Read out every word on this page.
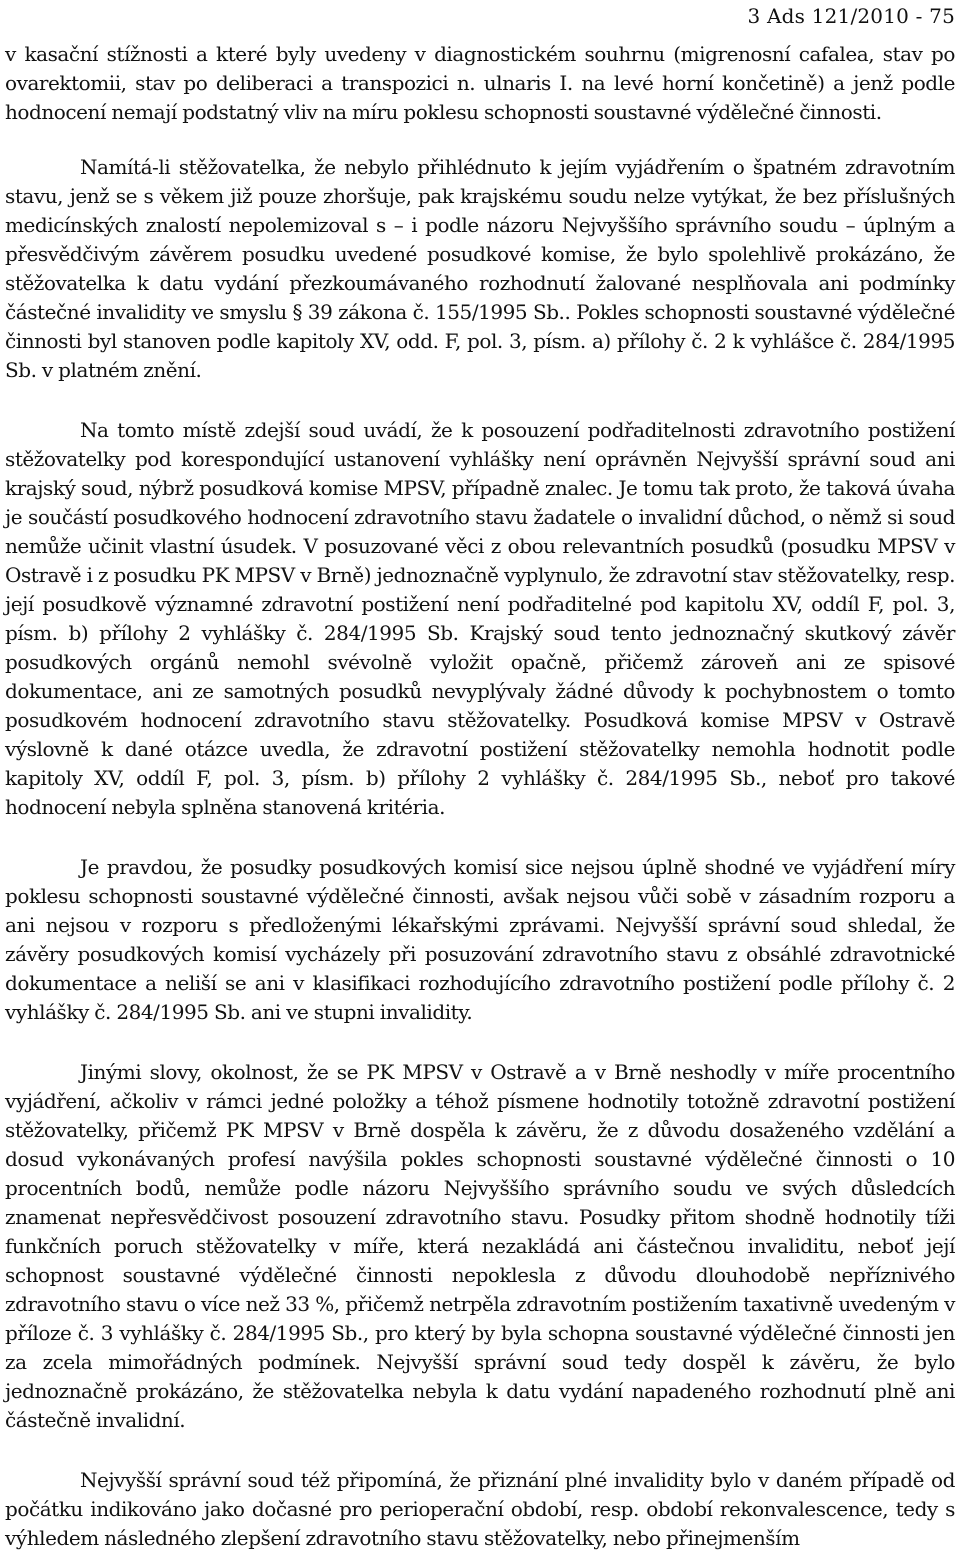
3 Ads 121/2010 - 75

v kasační stížnosti a které byly uvedeny v diagnostickém souhrnu (migrenosní cafalea, stav po ovarektomii, stav po deliberaci a transpozici n. ulnaris I. na levé horní končetině) a jenž podle hodnocení nemají podstatný vliv na míru poklesu schopnosti soustavné výdělečné činnosti.

Namítá-li stěžovatelka, že nebylo přihlédnuto k jejím vyjádřením o špatném zdravotním stavu, jenž se s věkem již pouze zhoršuje, pak krajskému soudu nelze vytýkat, že bez příslušných medicínských znalostí nepolemizoval s – i podle názoru Nejvyššího správního soudu – úplným a přesvědčivým závěrem posudku uvedené posudkové komise, že bylo spolehlivě prokázáno, že stěžovatelka k datu vydání přezkoumávaného rozhodnutí žalované nesplňovala ani podmínky částečné invalidity ve smyslu § 39 zákona č. 155/1995 Sb.. Pokles schopnosti soustavné výdělečné činnosti byl stanoven podle kapitoly XV, odd. F, pol. 3, písm. a) přílohy č. 2 k vyhlášce č. 284/1995 Sb. v platném znění.

Na tomto místě zdejší soud uvádí, že k posouzení podřaditelnosti zdravotního postižení stěžovatelky pod korespondující ustanovení vyhlášky není oprávněn Nejvyšší správní soud ani krajský soud, nýbrž posudková komise MPSV, případně znalec. Je tomu tak proto, že taková úvaha je součástí posudkového hodnocení zdravotního stavu žadatele o invalidní důchod, o němž si soud nemůže učinit vlastní úsudek. V posuzované věci z obou relevantních posudků (posudku MPSV v Ostravě i z posudku PK MPSV v Brně) jednoznačně vyplynulo, že zdravotní stav stěžovatelky, resp. její posudkově významné zdravotní postižení není podřaditelné pod kapitolu XV, oddíl F, pol. 3, písm. b) přílohy 2 vyhlášky č. 284/1995 Sb. Krajský soud tento jednoznačný skutkový závěr posudkových orgánů nemohl svévolně vyložit opačně, přičemž zároveň ani ze spisové dokumentace, ani ze samotných posudků nevyplývaly žádné důvody k pochybnostem o tomto posudkovém hodnocení zdravotního stavu stěžovatelky. Posudková komise MPSV v Ostravě výslovně k dané otázce uvedla, že zdravotní postižení stěžovatelky nemohla hodnotit podle kapitoly XV, oddíl F, pol. 3, písm. b) přílohy 2 vyhlášky č. 284/1995 Sb., neboť pro takové hodnocení nebyla splněna stanovená kritéria.

Je pravdou, že posudky posudkových komisí sice nejsou úplně shodné ve vyjádření míry poklesu schopnosti soustavné výdělečné činnosti, avšak nejsou vůči sobě v zásadním rozporu a ani nejsou v rozporu s předloženými lékařskými zprávami. Nejvyšší správní soud shledal, že závěry posudkových komisí vycházely při posuzování zdravotního stavu z obsáhlé zdravotnické dokumentace a neliší se ani v klasifikaci rozhodujícího zdravotního postižení podle přílohy č. 2 vyhlášky č. 284/1995 Sb. ani ve stupni invalidity.

Jinými slovy, okolnost, že se PK MPSV v Ostravě a v Brně neshodly v míře procentního vyjádření, ačkoliv v rámci jedné položky a téhož písmene hodnotily totožně zdravotní postižení stěžovatelky, přičemž PK MPSV v Brně dospěla k závěru, že z důvodu dosaženého vzdělání a dosud vykonávaných profesí navýšila pokles schopnosti soustavné výdělečné činnosti o 10 procentních bodů, nemůže podle názoru Nejvyššího správního soudu ve svých důsledcích znamenat nepřesvědčivost posouzení zdravotního stavu. Posudky přitom shodně hodnotily tíži funkčních poruch stěžovatelky v míře, která nezakládá ani částečnou invaliditu, neboť její schopnost soustavné výdělečné činnosti nepoklesla z důvodu dlouhodobě nepříznivého zdravotního stavu o více než 33 %, přičemž netrpěla zdravotním postižením taxativně uvedeným v příloze č. 3 vyhlášky č. 284/1995 Sb., pro který by byla schopna soustavné výdělečné činnosti jen za zcela mimořádných podmínek. Nejvyšší správní soud tedy dospěl k závěru, že bylo jednoznačně prokázáno, že stěžovatelka nebyla k datu vydání napadeného rozhodnutí plně ani částečně invalidní.

Nejvyšší správní soud též připomíná, že přiznání plné invalidity bylo v daném případě od počátku indikováno jako dočasné pro perioperační období, resp. období rekonvalescence, tedy s výhledem následného zlepšení zdravotního stavu stěžovatelky, nebo přinejmenším
